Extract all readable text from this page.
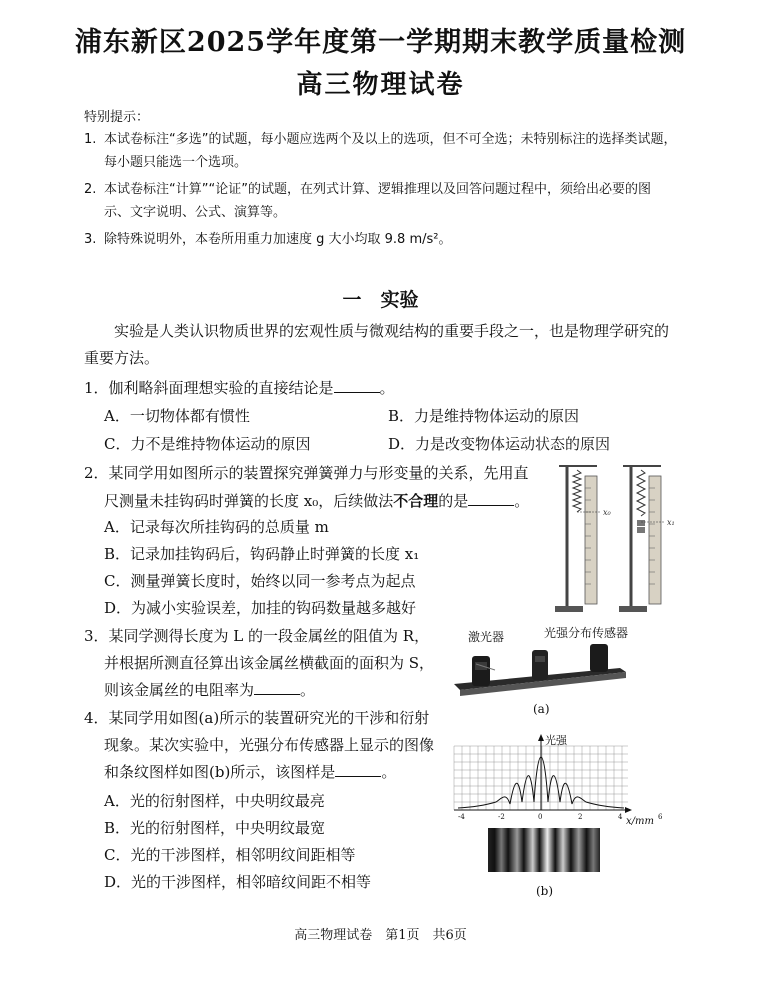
浦东新区2025学年度第一学期期末教学质量检测
高三物理试卷
特别提示：
1. 本试卷标注“多选”的试题，每小题应选两个及以上的选项，但不可全选；未特别标注的选择类试题，
每小题只能选一个选项。
2. 本试卷标注“计算”“论证”的试题，在列式计算、逻辑推理以及回答问题过程中，须给出必要的图
示、文字说明、公式、演算等。
3. 除特殊说明外，本卷所用重力加速度 g 大小均取 9.8 m/s²。
一　实验
实验是人类认识物质世界的宏观性质与微观结构的重要手段之一，也是物理学研究的
重要方法。
1．伽利略斜面理想实验的直接结论是	。
A．一切物体都有惯性	B．力是维持物体运动的原因
C．力不是维持物体运动的原因	D．力是改变物体运动状态的原因
2．某同学用如图所示的装置探究弹簧弹力与形变量的关系，先用直
尺测量未挂钩码时弹簧的长度 x₀，后续做法不合理的是	。
A．记录每次所挂钩码的总质量 m
B．记录加挂钩码后，钩码静止时弹簧的长度 x₁
C．测量弹簧长度时，始终以同一参考点为起点
D．为减小实验误差，加挂的钩码数量越多越好
x₀
x₁
3．某同学测得长度为 L 的一段金属丝的阻值为 R，
并根据所测直径算出该金属丝横截面的面积为 S，
则该金属丝的电阻率为	。
激光器	光强分布传感器
(a)
4．某同学用如图(a)所示的装置研究光的干涉和衍射
现象。某次实验中，光强分布传感器上显示的图像
和条纹图样如图(b)所示，该图样是	。
A．光的衍射图样，中央明纹最亮
B．光的衍射图样，中央明纹最宽
C．光的干涉图样，相邻明纹间距相等
D．光的干涉图样，相邻暗纹间距不相等
-4	-2	0	2	4	6
光强
x/mm
(b)
高三物理试卷　第1页　共6页
